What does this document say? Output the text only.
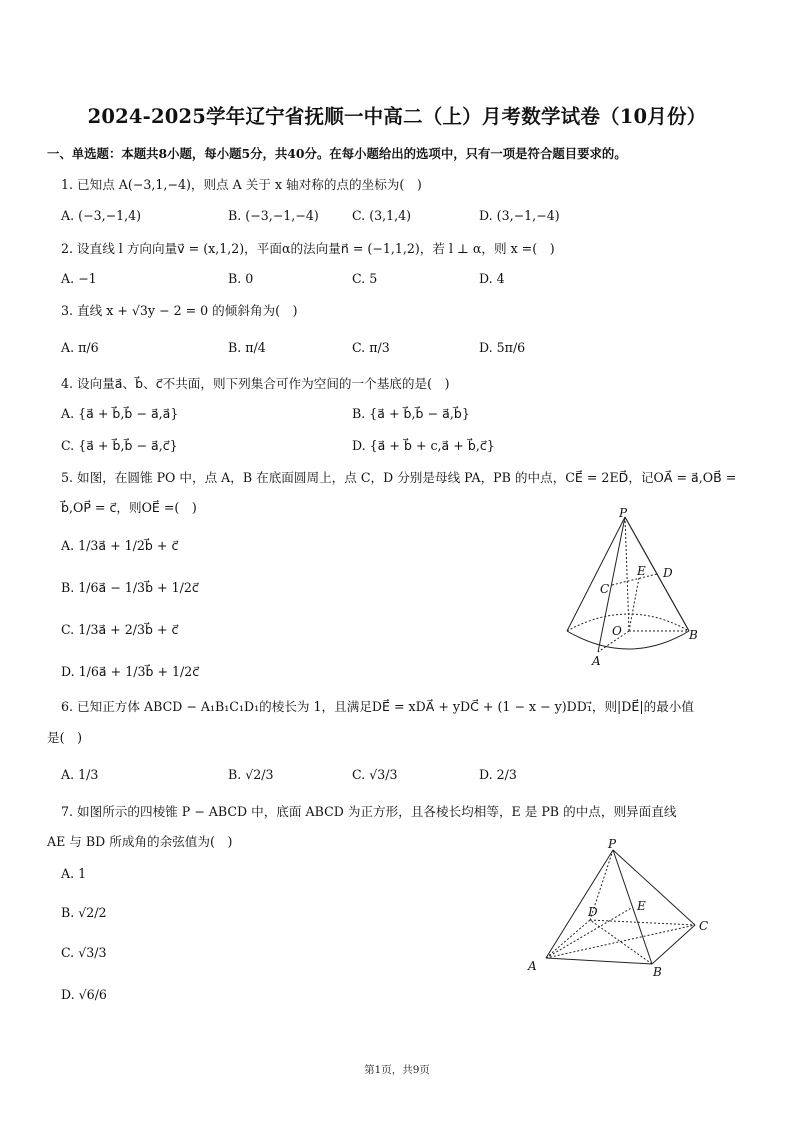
2024-2025学年辽宁省抚顺一中高二（上）月考数学试卷（10月份）
一、单选题：本题共8小题，每小题5分，共40分。在每小题给出的选项中，只有一项是符合题目要求的。
1. 已知点 A(−3,1,−4)，则点 A 关于 x 轴对称的点的坐标为(　)
A. (−3,−1,4)	B. (−3,−1,−4)	C. (3,1,4)	D. (3,−1,−4)
2. 设直线 l 方向向量v⃗ = (x,1,2)，平面α的法向量n⃗ = (−1,1,2)，若 l ⊥ α，则 x =(　)
A. −1	B. 0	C. 5	D. 4
3. 直线 x + √3y − 2 = 0 的倾斜角为(　)
A. π/6	B. π/4	C. π/3	D. 5π/6
4. 设向量a⃗、b⃗、c⃗不共面，则下列集合可作为空间的一个基底的是(　)
A. {a⃗ + b⃗,b⃗ − a⃗,a⃗}	B. {a⃗ + b⃗,b⃗ − a⃗,b⃗}
C. {a⃗ + b⃗,b⃗ − a⃗,c⃗}	D. {a⃗ + b⃗ + c,a⃗ + b⃗,c⃗}
5. 如图，在圆锥 PO 中，点 A，B 在底面圆周上，点 C，D 分别是母线 PA，PB 的中点，CE⃗ = 2ED⃗，记OA⃗ = a⃗,OB⃗ =
b⃗,OP⃗ = c⃗，则OE⃗ =(　)
A. 1/3a⃗ + 1/2b⃗ + c⃗
B. 1/6a⃗ − 1/3b⃗ + 1/2c⃗
C. 1/3a⃗ + 2/3b⃗ + c⃗
D. 1/6a⃗ + 1/3b⃗ + 1/2c⃗
P
C
E D
O
A
B
6. 已知正方体 ABCD − A₁B₁C₁D₁的棱长为 1，且满足DE⃗ = xDA⃗ + yDC⃗ + (1 − x − y)DD₁⃗，则|DE⃗|的最小值
是(　)
A. 1/3	B. √2/3	C. √3/3	D. 2/3
7. 如图所示的四棱锥 P − ABCD 中，底面 ABCD 为正方形，且各棱长均相等，E 是 PB 的中点，则异面直线
AE 与 BD 所成角的余弦值为(　)
A. 1
B. √2/2
C. √3/3
D. √6/6
P
D	E
C
A	B
第1页，共9页
